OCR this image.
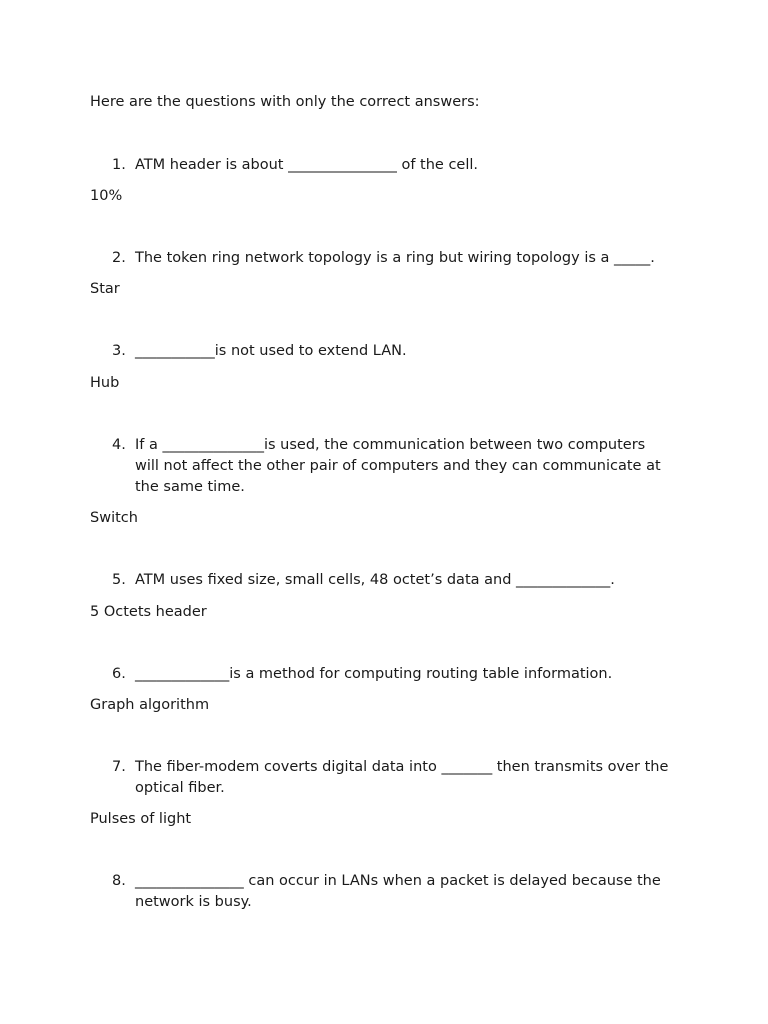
Here are the questions with only the correct answers:
1. ATM header is about _______________ of the cell.
10%
2. The token ring network topology is a ring but wiring topology is a _____.
Star
3. ___________is not used to extend LAN.
Hub
4. If a ______________is used, the communication between two computers will not affect the other pair of computers and they can communicate at the same time.
Switch
5. ATM uses fixed size, small cells, 48 octet’s data and _____________.
5 Octets header
6. _____________is a method for computing routing table information.
Graph algorithm
7. The fiber-modem coverts digital data into _______ then transmits over the optical fiber.
Pulses of light
8. _______________ can occur in LANs when a packet is delayed because the network is busy.
